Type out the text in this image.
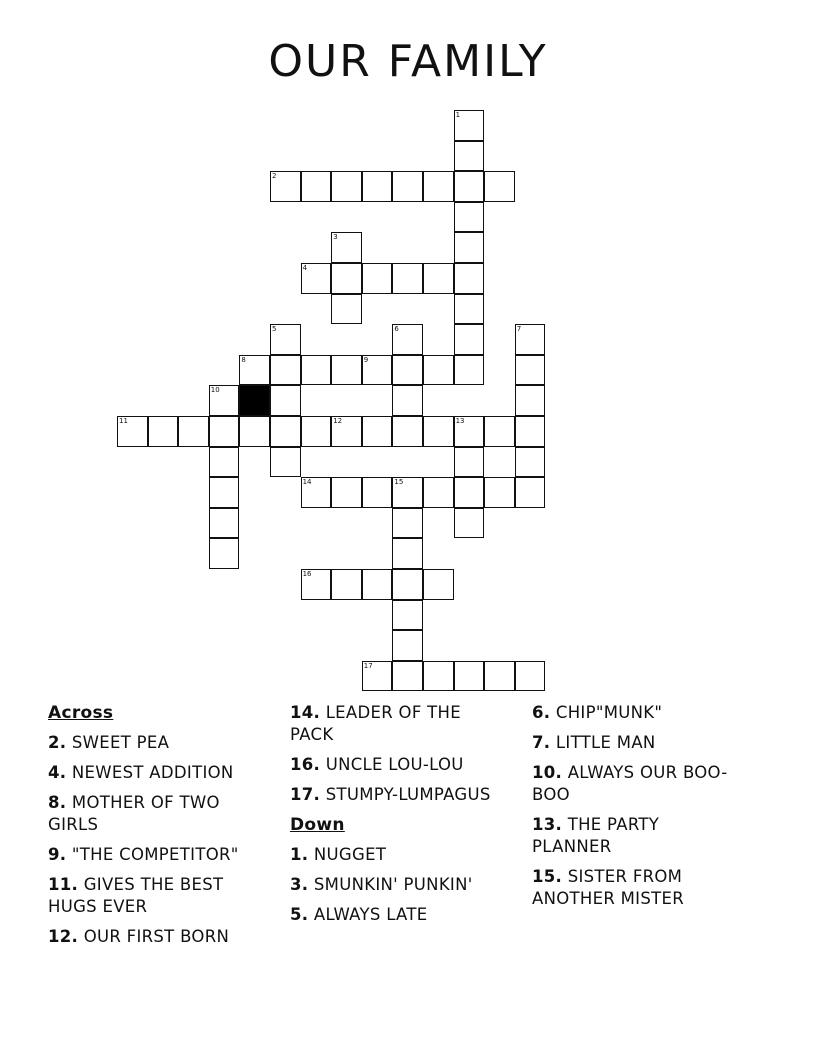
OUR FAMILY
1
2
3
4
5	6	7
8	9
10
11	12	13
14	15
16
17
Across
2. SWEET PEA
4. NEWEST ADDITION
8. MOTHER OF TWO GIRLS
9. "THE COMPETITOR"
11. GIVES THE BEST HUGS EVER
12. OUR FIRST BORN
14. LEADER OF THE PACK
16. UNCLE LOU-LOU
17. STUMPY-LUMPAGUS
Down
1. NUGGET
3. SMUNKIN' PUNKIN'
5. ALWAYS LATE
6. CHIP"MUNK"
7. LITTLE MAN
10. ALWAYS OUR BOO-BOO
13. THE PARTY PLANNER
15. SISTER FROM ANOTHER MISTER
